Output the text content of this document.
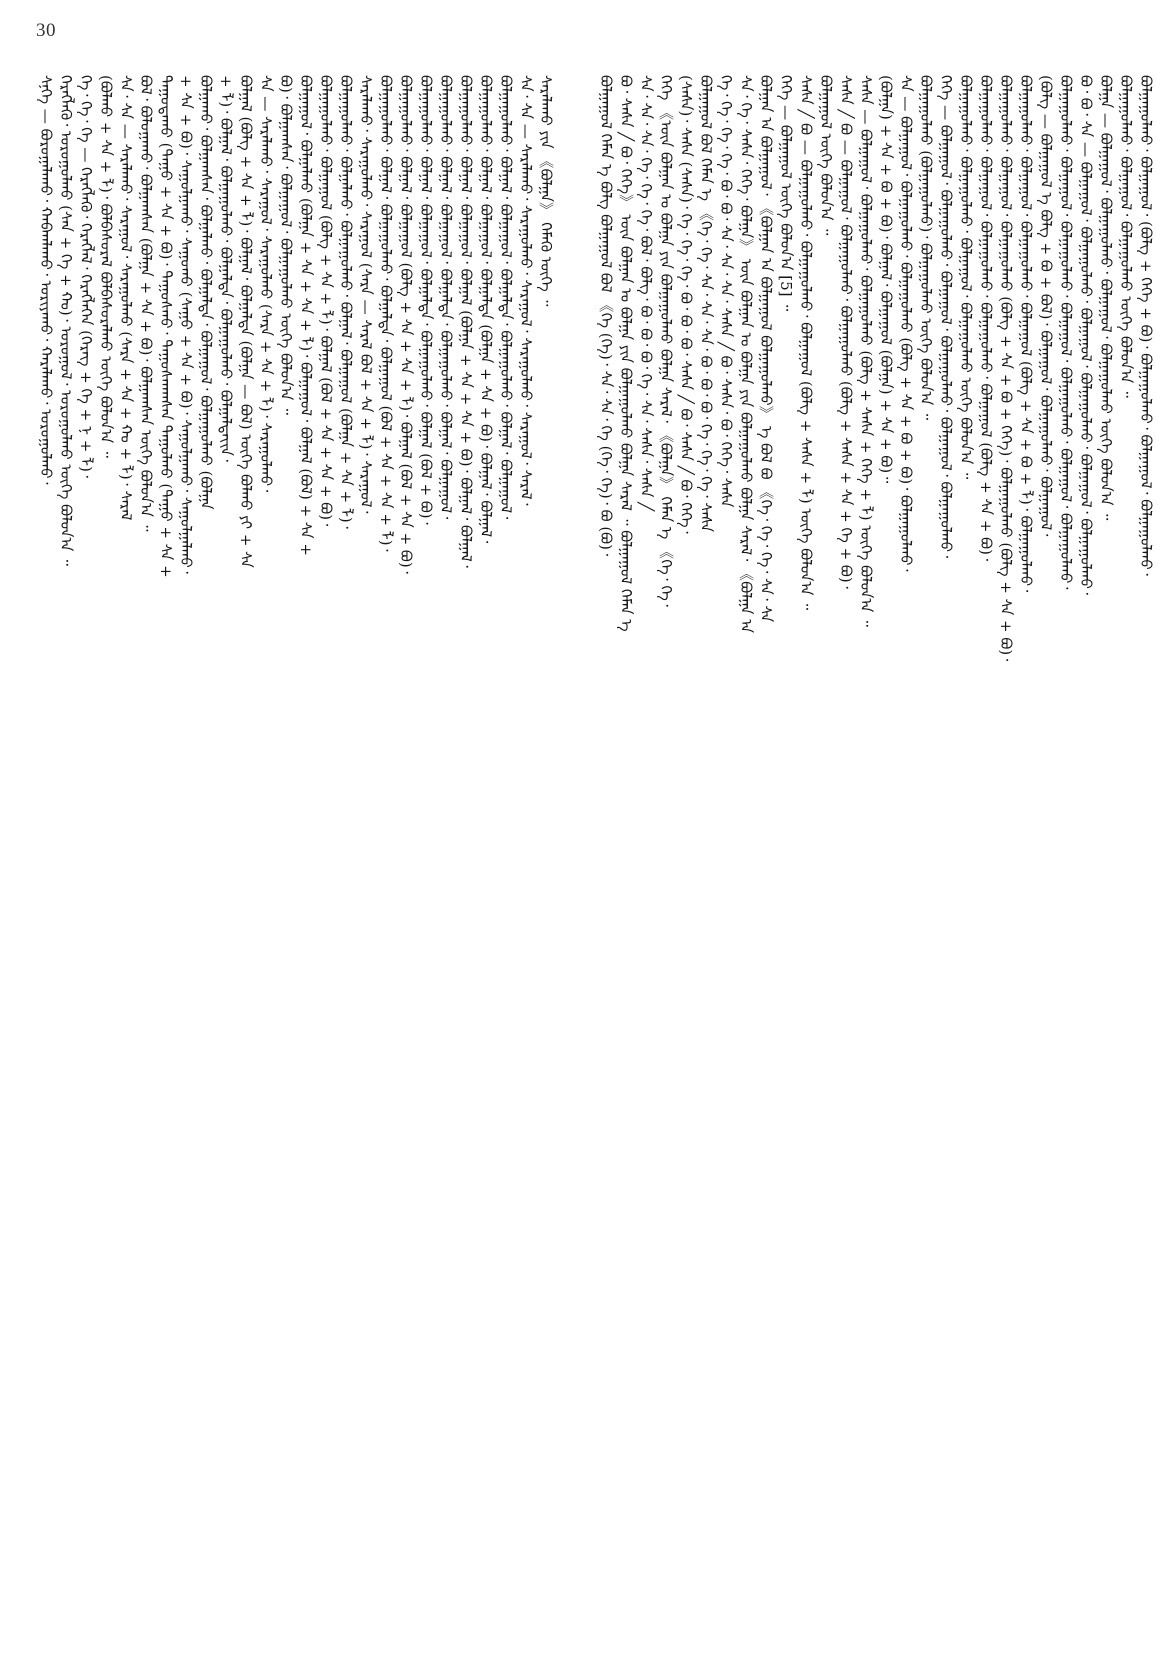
30
ᠰᠨ᠋ᠬᠡ — ᠪᠣᠷᠣᠭᠠᠯᠠᠬᠤ᠂ ᠬᠠᠪᠬᠠᠯᠠᠬᠤ᠂ ᠣᠷᠢᠶᠠᠬᠤ᠂ ᠬᠠᠷᠠᠯᠠᠬᠤ᠂ ᠣᠷᠣᠭᠣᠯᠬᠤ᠂ ᠬᠡᠷᠡᠭᠯᠡᠬᠦ᠂ ᠣᠷᠣᠭᠣᠯᠬᠤ (ᠰᠡᠨ + ᠬᠡ + ᠬᠤ)᠂ ᠣᠷᠣᠭᠣᠯ᠂ ᠣᠷᠣᠭᠣᠯᠬᠤ ᠦᠭᠡ ᠪᠣᠯᠣᠨ᠎ᠠ ᠃ ᠬᠡ᠂ ᠬᠡ᠂ ᠬᠡ — ᠬᠡᠷᠡᠭᠯᠡᠬᠦ᠂ ᠬᠡᠷᠡᠭᠯᠡᠯ᠂ ᠬᠡᠷᠡᠭᠯᠡᠭᠡᠨ (ᠬᠡᠷᠡᠭ + ᠬᠡ + ᠨ + ᠯ)᠂ (ᠪᠣᠯᠬᠤ + ᠰᠠ + ᠯ)᠂ ᠪᠣᠯᠪᠠᠰᠤᠷᠠᠯ ᠪᠣᠯᠪᠠᠰᠤᠷᠠᠯᠬᠤ ᠦᠭᠡ ᠪᠣᠯᠣᠨ᠎ᠠ ᠃ ᠰᠠ᠂ ᠰᠠ — ᠰᠠᠷᠠᠯᠠᠬᠤ᠂ ᠰᠠᠷᠠᠭᠤᠯ᠂ ᠰᠠᠷᠠᠭᠤᠯᠬᠤ (ᠰᠠᠷᠠ + ᠰᠠ + ᠬᠤ + ᠯ)᠂ ᠰᠠᠷᠠᠯ ᠪᠣᠯ᠂ ᠪᠣᠯᠣᠭᠠᠬᠤ᠂ ᠪᠣᠯᠭᠠᠭᠰᠠᠨ (ᠪᠣᠯᠭᠠ + ᠰᠠ + ᠪᠣ)᠂ ᠪᠣᠯᠭᠠᠭᠰᠠᠨ ᠦᠭᠡ ᠪᠣᠯᠣᠨ᠎ᠠ ᠃ ᠳᠠᠭᠤᠳᠠᠬᠤ (ᠳᠠᠭᠤ + ᠰᠠ + ᠪᠣ)᠂ ᠳᠠᠭᠤᠰᠬᠤ᠂ ᠳᠠᠭᠤᠰᠬᠠᠭᠰᠠᠨ ᠳᠠᠭᠤᠯᠬᠤ (ᠳᠠᠭᠤ + ᠰᠠ + + ᠰᠠ + ᠪᠣ)᠂ ᠰᠠᠭᠤᠯᠭᠠᠬᠤ᠂ ᠰᠠᠭᠤᠬᠤ (ᠰᠠᠭᠤ + ᠰᠠ + ᠪᠣ)᠂ ᠰᠠᠭᠤᠯᠭᠠᠬᠤ᠂ ᠰᠠᠭᠤᠯᠭᠠᠯᠬᠤ᠂ ᠪᠣᠯᠭᠠᠬᠤ᠂ ᠪᠣᠯᠭᠠᠭᠰᠠᠨ᠂ ᠪᠣᠯᠭᠠᠯᠬᠤ᠂ ᠪᠣᠯᠭᠠᠯᠲᠠ᠂ ᠪᠣᠯᠭᠠᠭᠤᠯ᠂ ᠪᠣᠯᠭᠠᠭᠤᠯᠬᠤ (ᠪᠣᠯᠭᠠ + ᠯ)᠂ ᠪᠣᠯᠭᠠᠯ᠂ ᠪᠣᠯᠭᠠᠭᠤᠯᠬᠤ᠂ ᠪᠣᠯᠭᠠᠯᠲᠠ᠂ ᠪᠣᠯᠭᠠᠭᠤᠯᠬᠤ᠂ ᠪᠣᠯᠭᠠᠯᠲᠠᠶ᠋ᠢᠨ᠂ ᠪᠣᠯᠭᠠᠯ (ᠪᠣᠯᠭ + ᠰᠠ + ᠯ)᠂ ᠪᠣᠯᠭᠠᠯ᠂ ᠪᠣᠯᠭᠠᠯᠲᠠ (ᠪᠣᠯᠭᠠ — ᠪᠣᠯ) ᠦᠭᠡ ᠪᠣᠯᠬᠤ ᠶᠢ + ᠰᠠ ᠰᠠ — ᠰᠠᠷᠠᠯᠠᠬᠤ᠂ ᠰᠠᠷᠠᠭᠤᠯ᠂ ᠰᠠᠷᠠᠭᠤᠯᠬᠤ (ᠰᠠᠷᠠ + ᠰᠠ + ᠯ)᠂ ᠰᠠᠷᠠᠭᠤᠯᠬᠤ᠂ ᠪᠣ)᠂ ᠪᠣᠯᠭᠠᠭᠰᠠᠨ᠂ ᠪᠣᠯᠭᠠᠭᠤᠯ᠂ ᠪᠣᠯᠭᠠᠭᠤᠯᠬᠤ ᠦᠭᠡ ᠪᠣᠯᠣᠨ᠎ᠠ ᠃ ᠪᠣᠯᠭᠠᠭᠤᠯ᠂ ᠪᠣᠯᠭᠠᠯᠬᠤ (ᠪᠣᠯᠭᠠ + ᠰᠠ + ᠰᠠ + ᠯ)᠂ ᠪᠣᠯᠭᠠᠭᠤᠯ᠂ ᠪᠣᠯᠭᠠᠯ (ᠪᠣᠯ) + ᠰᠠ + ᠪᠣᠯᠭᠠᠭᠤᠯᠬᠤ᠂ ᠪᠣᠯᠭᠠᠭᠤᠯ (ᠪᠣᠯᠭ + ᠰᠠ + ᠯ)᠂ ᠪᠣᠯᠭᠠᠯ (ᠪᠣᠯ + ᠰᠠ + ᠰᠠ + ᠪᠣ)᠂ ᠪᠣᠯᠭᠠᠭᠤᠯᠬᠤ᠂ ᠪᠣᠯᠭᠠᠯᠬᠤ᠂ ᠪᠣᠯᠭᠠᠭᠤᠯᠬᠤ᠂ ᠪᠣᠯᠭᠠᠯ᠂ ᠪᠣᠯᠭᠠᠭᠤᠯ (ᠪᠣᠯᠭᠠ + ᠰᠠ + ᠯ)᠂ ᠰᠠᠷᠠᠯᠠᠬᠤ᠂ ᠰᠠᠷᠠᠭᠤᠯᠬᠤ᠂ ᠰᠠᠷᠠᠭᠤᠯ (ᠰᠠᠷᠠ — ᠰᠠᠷᠠᠯ ᠪᠣᠯ + ᠰᠠ + ᠯ)᠂ ᠰᠠᠷᠠᠭᠤᠯ᠂ ᠪᠣᠯᠭᠠᠭᠤᠯᠬᠤ᠂ ᠪᠣᠯᠭᠠᠯ᠂ ᠪᠣᠯᠭᠠᠭᠤᠯᠬᠤ᠂ ᠪᠣᠯᠭᠠᠯᠲᠠ᠂ ᠪᠣᠯᠭᠠᠭᠤᠯ (ᠪᠣᠯ + ᠰᠠ + ᠰᠠ + ᠯ)᠂ ᠪᠣᠯᠭᠠᠭᠤᠯᠬᠤ᠂ ᠪᠣᠯᠭᠠᠯ᠂ ᠪᠣᠯᠭᠠᠭᠤᠯ (ᠪᠣᠯᠭ + ᠰᠠ + ᠰᠠ + ᠯ)᠂ ᠪᠣᠯᠭᠠᠯ (ᠪᠣᠯ + ᠰᠠ + ᠪᠣ)᠂ ᠪᠣᠯᠭᠠᠭᠤᠯᠬᠤ᠂ ᠪᠣᠯᠭᠠᠯ᠂ ᠪᠣᠯᠭᠠᠭᠤᠯ᠂ ᠪᠣᠯᠭᠠᠯᠲᠠ᠂ ᠪᠣᠯᠭᠠᠭᠤᠯᠬᠤ᠂ ᠪᠣᠯᠭᠠᠯ (ᠪᠣᠯ + ᠪᠣ)᠂ ᠪᠣᠯᠭᠠᠭᠤᠯᠬᠤ᠂ ᠪᠣᠯᠭᠠᠯ᠂ ᠪᠣᠯᠭᠠᠭᠤᠯ᠂ ᠪᠣᠯᠭᠠᠯᠲᠠ᠂ ᠪᠣᠯᠭᠠᠭᠤᠯᠬᠤ᠂ ᠪᠣᠯᠭᠠᠯ᠂ ᠪᠣᠯᠭᠠᠭᠤᠯ᠂ ᠪᠣᠯᠭᠠᠭᠤᠯᠬᠤ᠂ ᠪᠣᠯᠭᠠᠯ᠂ ᠪᠣᠯᠭᠠᠭᠤᠯ᠂ ᠪᠣᠯᠭᠠᠯ (ᠪᠣᠯᠭᠠ + ᠰᠠ + ᠰᠠ + ᠪᠣ)᠂ ᠪᠣᠯᠭᠠᠯ᠂ ᠪᠣᠯᠭᠠᠯ᠂ ᠪᠣᠯᠭᠠᠭᠤᠯᠬᠤ᠂ ᠪᠣᠯᠭᠠᠯ᠂ ᠪᠣᠯᠭᠠᠭᠤᠯ᠂ ᠪᠣᠯᠭᠠᠯᠲᠠ (ᠪᠣᠯᠭᠠ + ᠰᠠ + ᠪᠣ)᠂ ᠪᠣᠯᠭᠠᠯ᠂ ᠪᠣᠯᠭᠠᠯ᠂ ᠪᠣᠯᠭᠠᠭᠤᠯᠬᠤ᠂ ᠪᠣᠯᠭᠠᠯ᠂ ᠪᠣᠯᠭᠠᠭᠤᠯ᠂ ᠪᠣᠯᠭᠠᠯᠲᠠ᠂ ᠪᠣᠯᠭᠠᠭᠤᠯᠬᠤ᠂ ᠪᠣᠯᠭᠠᠯ᠂ ᠪᠣᠯᠭᠠᠭᠤᠯ᠂ ᠰᠠ᠂ ᠰᠠ — ᠰᠠᠷᠠᠯᠠᠬᠤ᠂ ᠰᠠᠷᠠᠭᠤᠯᠬᠤ᠂ ᠰᠠᠷᠠᠭᠤᠯ᠂ ᠰᠠᠷᠠᠭᠤᠯᠬᠤ᠂ ᠰᠠᠷᠠᠭᠤᠯ᠂ ᠰᠠᠷᠠᠯ᠂ ᠰᠠᠷᠠᠯᠠᠬᠤ ᠶᠢᠨ 《ᠪᠣᠯᠭᠠ》 ᠬᠡᠮᠡᠬᠦ ᠦᠭᠡ ᠃	ᠪᠣᠯᠭᠠᠭᠤᠯ ᠬᠡᠮᠡᠨ ᠡ ᠪᠣᠯᠭ ᠪᠣᠯᠭᠠᠭᠤᠯ ᠪᠣᠯ 《ᠬᠡ (ᠬᠡ)᠂ ᠰᠠ᠂ ᠰᠠ᠂ ᠬᠡ (ᠬᠡ᠂ ᠬᠡ)᠂ ᠪᠣ (ᠪᠣ)᠂ ᠪᠣ᠂ ᠰᠠᠰᠠ ╱ ᠪᠣ᠂ ᠬᠡᠬᠡ》 ᠦᠨ ᠪᠣᠯᠭᠠᠨ ᠤ ᠪᠣᠯᠭᠠ ᠶᠢᠨ ᠪᠣᠯᠭᠠᠭᠤᠯᠬᠤ ᠪᠣᠯᠭᠠ ᠰᠠᠷᠠᠯ ᠃ ᠪᠣᠯᠭᠠᠭᠤᠯ ᠬᠡᠮᠡᠨ ᠡ ᠰᠠ᠂ ᠰᠠ᠂ ᠰᠠ᠂ ᠬᠡ᠂ ᠬᠡ᠂ ᠬᠡ᠂ ᠪᠣᠯ᠂ ᠪᠣᠯᠭ᠂ ᠪᠣ᠂ ᠪᠣ᠂ ᠪᠣ᠂ ᠬᠡ᠂ ᠰᠠ᠂ ᠰᠠᠰᠠ᠂ ᠰᠠᠰᠠ ╱ ᠬᠡᠬᠡ 《ᠦᠨ ᠪᠣᠯᠭᠠᠨ ᠤ ᠪᠣᠯᠭᠠ ᠶᠢᠨ ᠪᠣᠯᠭᠠᠭᠤᠯᠬᠤ ᠪᠣᠯᠭᠠ ᠰᠠᠷᠠᠯ᠂ 《ᠪᠣᠯᠭᠠ》 ᠬᠡᠮᠡᠨ ᠡ 《ᠬᠡ᠂ ᠬᠡ᠂ (ᠰᠠᠰᠠ)᠂ ᠰᠠᠰᠠ (ᠰᠠᠰᠠ)᠂ ᠬᠡ᠂ ᠬᠡ᠂ ᠬᠡ᠂ ᠪᠣ᠂ ᠪᠣ᠂ ᠪᠣ᠂ ᠰᠠᠰᠠ ╱ ᠪᠣ᠂ ᠰᠠᠰᠠ ╱ ᠪᠣ᠂ ᠬᠡᠬᠡ᠂ ᠪᠣᠯᠭᠠᠭᠤᠯ ᠪᠣᠯ ᠬᠡᠮᠡᠨ ᠡ 《ᠬᠡ᠂ ᠬᠡ᠂ ᠰᠠ᠂ ᠰᠠ᠂ ᠰᠠ᠂ ᠪᠣ᠂ ᠪᠣ᠂ ᠪᠣ᠂ ᠬᠡ᠂ ᠬᠡ᠂ ᠬᠡ᠂ ᠰᠠᠰᠠ ᠬᠡ᠂ ᠬᠡ᠂ ᠬᠡ᠂ ᠬᠡ᠂ ᠪᠣ᠂ ᠪᠣ᠂ ᠰᠠ᠂ ᠰᠠ᠂ ᠰᠠ᠂ ᠰᠠᠰᠠ ╱ ᠪᠣ᠂ ᠰᠠᠰᠠ᠂ ᠪᠣ᠂ ᠬᠡᠬᠡ᠂ ᠰᠠᠰᠠ ᠰᠠ᠂ ᠬᠡ᠂ ᠰᠠᠰᠠ᠂ ᠬᠡᠬᠡ᠂ ᠪᠣᠯᠭᠠ》 ᠦᠨ ᠪᠣᠯᠭᠠᠨ ᠤ ᠪᠣᠯᠭᠠ ᠶᠢᠨ ᠪᠣᠯᠭᠠᠭᠤᠯᠬᠤ ᠪᠣᠯᠭᠠ ᠰᠠᠷᠠᠯ᠂ 《ᠪᠣᠯᠭᠠ ᠡᠨ ᠪᠣᠯᠭᠠᠨ ᠡᠨ ᠪᠣᠯᠭᠠᠭᠤᠯ᠂ 《ᠪᠣᠯᠭᠠᠨ ᠡᠨ ᠪᠣᠯᠭᠠᠭᠤᠯ ᠪᠣᠯᠭᠠᠭᠤᠯᠬᠤ》 ᠡ ᠪᠣᠯ ᠪᠣ 《ᠬᠡ᠂ ᠬᠡ᠂ ᠬᠡ᠂ ᠰᠠ᠂ ᠰᠠ ᠬᠡᠬᠡ — ᠪᠣᠯᠭᠠᠭᠤᠯ ᠦᠭᠡ ᠪᠣᠯᠣᠨ᠎ᠠ [5] ᠃ ᠰᠠᠰᠠ ╱ ᠪᠣ — ᠪᠣᠯᠭᠠᠭᠤᠯᠬᠤ᠂ ᠪᠣᠯᠭᠠᠭᠤᠯᠬᠤ᠂ ᠪᠣᠯᠭᠠᠭᠤᠯ (ᠪᠣᠯᠭ + ᠰᠠᠰᠠ + ᠯ) ᠦᠭᠡ ᠪᠣᠯᠣᠨ᠎ᠠ ᠃ ᠪᠣᠯᠭᠠᠭᠤᠯ ᠦᠭᠡ ᠪᠣᠯᠣᠨ᠎ᠠ ᠃ ᠰᠠᠰᠠ ╱ ᠪᠣ — ᠪᠣᠯᠭᠠᠭᠤᠯ᠂ ᠪᠣᠯᠭᠠᠭᠤᠯᠬᠤ᠂ ᠪᠣᠯᠭᠠᠭᠤᠯᠬᠤ (ᠪᠣᠯᠭ + ᠰᠠᠰᠠ + ᠰᠠ + ᠬᠡ + ᠪᠣ)᠂ ᠰᠠᠰᠠ — ᠪᠣᠯᠭᠠᠭᠤᠯ᠂ ᠪᠣᠯᠭᠠᠭᠤᠯᠬᠤ᠂ ᠪᠣᠯᠭᠠᠭᠤᠯᠬᠤ (ᠪᠣᠯᠭ + ᠰᠠᠰᠠ + ᠬᠡᠬᠡ + ᠯ) ᠦᠭᠡ ᠪᠣᠯᠣᠨ᠎ᠠ ᠃ (ᠪᠣᠯᠭᠠ) + ᠰᠠ + ᠪᠣ + ᠪᠣ)᠂ ᠪᠣᠯᠭᠠᠯ᠂ ᠪᠣᠯᠭᠠᠭᠤᠯ (ᠪᠣᠯᠭᠠ) + ᠰᠠ + ᠪᠣ)᠃ ᠰᠠ — ᠪᠣᠯᠭᠠᠭᠤᠯ᠂ ᠪᠣᠯᠭᠠᠭᠤᠯᠬᠤ᠂ ᠪᠣᠯᠭᠠᠭᠤᠯᠬᠤ (ᠪᠣᠯᠭ + ᠰᠠ + ᠪᠣ + ᠪᠣ)᠂ ᠪᠣᠯᠭᠠᠭᠤᠯᠬᠤ᠂ ᠪᠣᠯᠭᠠᠭᠤᠯᠬᠤ (ᠪᠣᠯᠭᠠᠭᠤᠯᠬᠤ)᠂ ᠪᠣᠯᠭᠠᠭᠤᠯᠬᠤ ᠦᠭᠡ ᠪᠣᠯᠣᠨ᠎ᠠ ᠃ ᠬᠡᠬᠡ — ᠪᠣᠯᠭᠠᠭᠤᠯ᠂ ᠪᠣᠯᠭᠠᠭᠤᠯᠬᠤ᠂ ᠪᠣᠯᠭᠠᠭᠤᠯ᠂ ᠪᠣᠯᠭᠠᠭᠤᠯᠬᠤ᠂ ᠪᠣᠯᠭᠠᠭᠤᠯ᠂ ᠪᠣᠯᠭᠠᠭᠤᠯᠬᠤ᠂ ᠪᠣᠯᠭᠠᠭᠤᠯᠬᠤ᠂ ᠪᠣᠯᠭᠠᠭᠤᠯᠬᠤ᠂ ᠪᠣᠯᠭᠠᠭᠤᠯ᠂ ᠪᠣᠯᠭᠠᠭᠤᠯᠬᠤ ᠦᠭᠡ ᠪᠣᠯᠣᠨ᠎ᠠ ᠃ ᠪᠣᠯᠭᠠᠭᠤᠯᠬᠤ᠂ ᠪᠣᠯᠭᠠᠭᠤᠯ᠂ ᠪᠣᠯᠭᠠᠭᠤᠯᠬᠤ᠂ ᠪᠣᠯᠭᠠᠭᠤᠯᠬᠤ᠂ ᠪᠣᠯᠭᠠᠭᠤᠯ (ᠪᠣᠯᠭ + ᠰᠠ + ᠪᠣ)᠂ ᠪᠣᠯᠭᠠᠭᠤᠯᠬᠤ᠂ ᠪᠣᠯᠭᠠᠭᠤᠯ᠂ ᠪᠣᠯᠭᠠᠭᠤᠯᠬᠤ (ᠪᠣᠯᠭ + ᠰᠠ + ᠪᠣ + ᠬᠡᠬᠡ)᠂ ᠪᠣᠯᠭᠠᠭᠤᠯᠬᠤ (ᠪᠣᠯᠭ + ᠰᠠ + ᠪᠣ)᠂ ᠪᠣᠯᠭᠠᠭᠤᠯᠬᠤ᠂ ᠪᠣᠯᠭᠠᠭᠤᠯ᠂ ᠪᠣᠯᠭᠠᠭᠤᠯᠬᠤ᠂ ᠪᠣᠯᠭᠠᠭᠤᠯ (ᠪᠣᠯᠭ + ᠰᠠ + ᠪᠣ + ᠯ)᠂ ᠪᠣᠯᠭᠠᠭᠤᠯᠬᠤ᠂ (ᠪᠣᠯᠭ — ᠪᠣᠯᠭᠠᠭᠤᠯ ᠡ ᠪᠣᠯᠭ + ᠪᠣ + ᠪᠣᠯ)᠂ ᠪᠣᠯᠭᠠᠭᠤᠯ᠂ ᠪᠣᠯᠭᠠᠭᠤᠯᠬᠤ᠂ ᠪᠣᠯᠭᠠᠭᠤᠯ᠂ ᠪᠣᠯᠭᠠᠭᠤᠯᠬᠤ᠂ ᠪᠣᠯᠭᠠᠭᠤᠯ᠂ ᠪᠣᠯᠭᠠᠭᠤᠯᠬᠤ᠂ ᠪᠣᠯᠭᠠᠭᠤᠯ᠂ ᠪᠣᠯᠭᠠᠭᠤᠯᠬᠤ᠂ ᠪᠣᠯᠭᠠᠭᠤᠯ᠂ ᠪᠣᠯᠭᠠᠭᠤᠯᠬᠤ᠂ ᠪᠣ᠂ ᠪᠣ᠂ ᠰᠠ — ᠪᠣᠯᠭᠠᠭᠤᠯ᠂ ᠪᠣᠯᠭᠠᠭᠤᠯᠬᠤ᠂ ᠪᠣᠯᠭᠠᠭᠤᠯ᠂ ᠪᠣᠯᠭᠠᠭᠤᠯᠬᠤ᠂ ᠪᠣᠯᠭᠠᠭᠤᠯ᠂ ᠪᠣᠯᠭᠠᠭᠤᠯᠬᠤ᠂ ᠪᠣᠯᠭᠠ — ᠪᠣᠯᠭᠠᠭᠤᠯ᠂ ᠪᠣᠯᠭᠠᠭᠤᠯᠬᠤ᠂ ᠪᠣᠯᠭᠠᠭᠤᠯ᠂ ᠪᠣᠯᠭᠠᠭᠤᠯᠬᠤ ᠦᠭᠡ ᠪᠣᠯᠣᠨ᠎ᠠ ᠃ ᠪᠣᠯᠭᠠᠭᠤᠯᠬᠤ᠂ ᠪᠣᠯᠭᠠᠭᠤᠯ᠂ ᠪᠣᠯᠭᠠᠭᠤᠯᠬᠤ ᠦᠭᠡ ᠪᠣᠯᠣᠨ᠎ᠠ ᠃ ᠪᠣᠯᠭᠠᠭᠤᠯᠬᠤ᠂ ᠪᠣᠯᠭᠠᠭᠤᠯ᠂ (ᠪᠣᠯᠭ + ᠬᠡᠬᠡ + ᠪᠣ)᠂ ᠪᠣᠯᠭᠠᠭᠤᠯᠬᠤ᠂ ᠪᠣᠯᠭᠠᠭᠤᠯ᠂ ᠪᠣᠯᠭᠠᠭᠤᠯᠬᠤ᠂
